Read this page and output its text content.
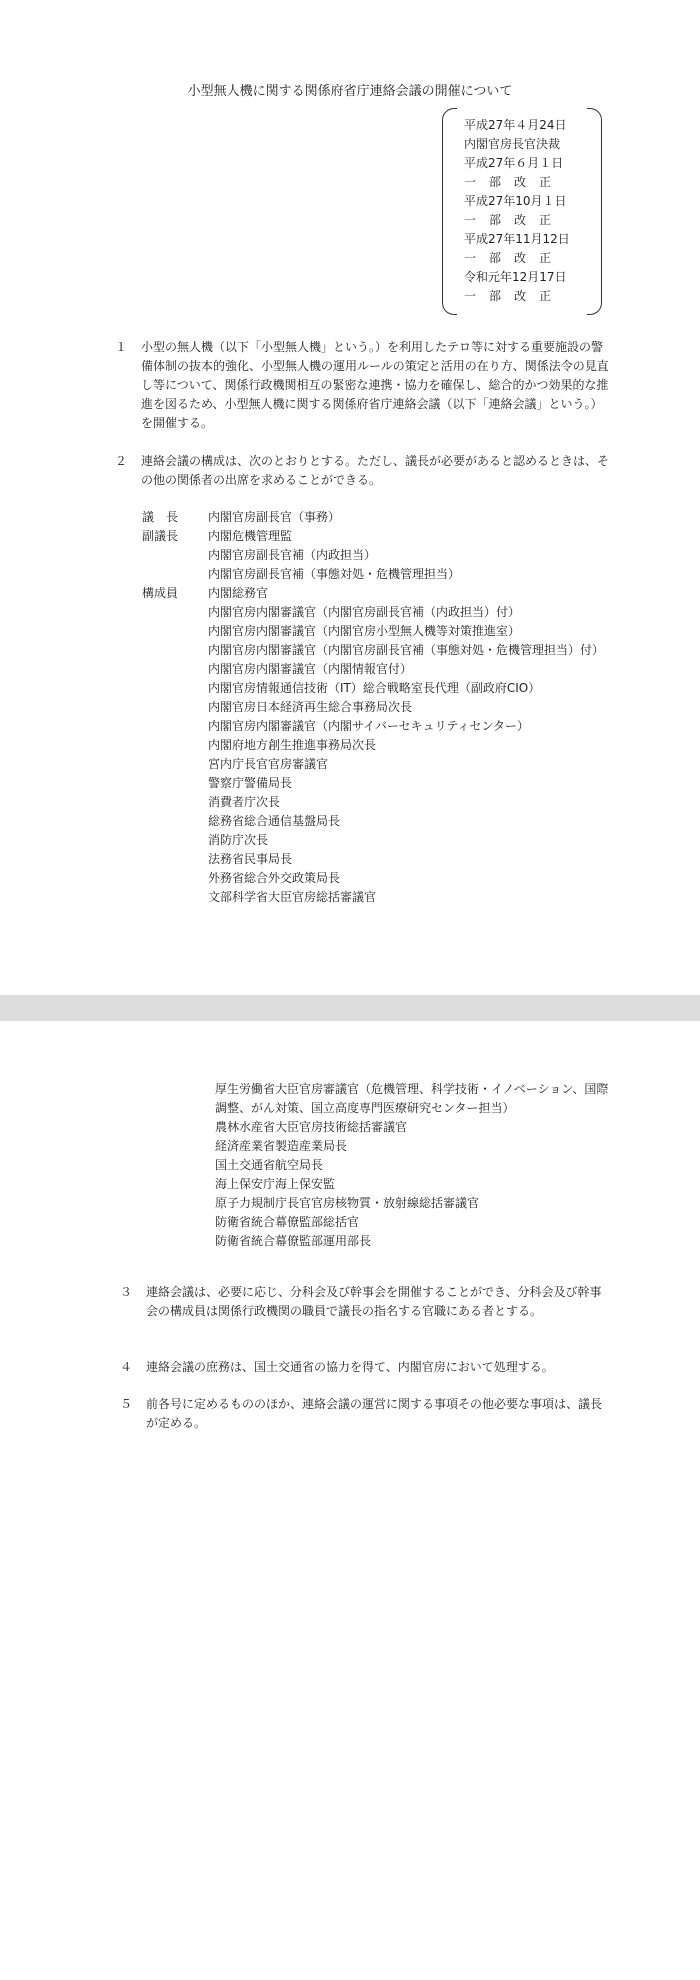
小型無人機に関する関係府省庁連絡会議の開催について
平成27年４月24日
内閣官房長官決裁
平成27年６月１日
一部改正
平成27年10月１日
一部改正
平成27年11月12日
一部改正
令和元年12月17日
一部改正
１ 小型の無人機（以下「小型無人機」という。）を利用したテロ等に対する重要施設の警備体制の抜本的強化、小型無人機の運用ルールの策定と活用の在り方、関係法令の見直し等について、関係行政機関相互の緊密な連携・協力を確保し、総合的かつ効果的な推進を図るため、小型無人機に関する関係府省庁連絡会議（以下「連絡会議」という。）を開催する。
２ 連絡会議の構成は、次のとおりとする。ただし、議長が必要があると認めるときは、その他の関係者の出席を求めることができる。
議　長	内閣官房副長官（事務）
副議長	内閣危機管理監
内閣官房副長官補（内政担当）
内閣官房副長官補（事態対処・危機管理担当）
構成員	内閣総務官
内閣官房内閣審議官（内閣官房副長官補（内政担当）付）
内閣官房内閣審議官（内閣官房小型無人機等対策推進室）
内閣官房内閣審議官（内閣官房副長官補（事態対処・危機管理担当）付）
内閣官房内閣審議官（内閣情報官付）
内閣官房情報通信技術（IT）総合戦略室長代理（副政府CIO）
内閣官房日本経済再生総合事務局次長
内閣官房内閣審議官（内閣サイバーセキュリティセンター）
内閣府地方創生推進事務局次長
宮内庁長官官房審議官
警察庁警備局長
消費者庁次長
総務省総合通信基盤局長
消防庁次長
法務省民事局長
外務省総合外交政策局長
文部科学省大臣官房総括審議官
厚生労働省大臣官房審議官（危機管理、科学技術・イノベーション、国際調整、がん対策、国立高度専門医療研究センター担当）
農林水産省大臣官房技術総括審議官
経済産業省製造産業局長
国土交通省航空局長
海上保安庁海上保安監
原子力規制庁長官官房核物質・放射線総括審議官
防衛省統合幕僚監部総括官
防衛省統合幕僚監部運用部長
３ 連絡会議は、必要に応じ、分科会及び幹事会を開催することができ、分科会及び幹事会の構成員は関係行政機関の職員で議長の指名する官職にある者とする。
４ 連絡会議の庶務は、国土交通省の協力を得て、内閣官房において処理する。
５ 前各号に定めるもののほか、連絡会議の運営に関する事項その他必要な事項は、議長が定める。
